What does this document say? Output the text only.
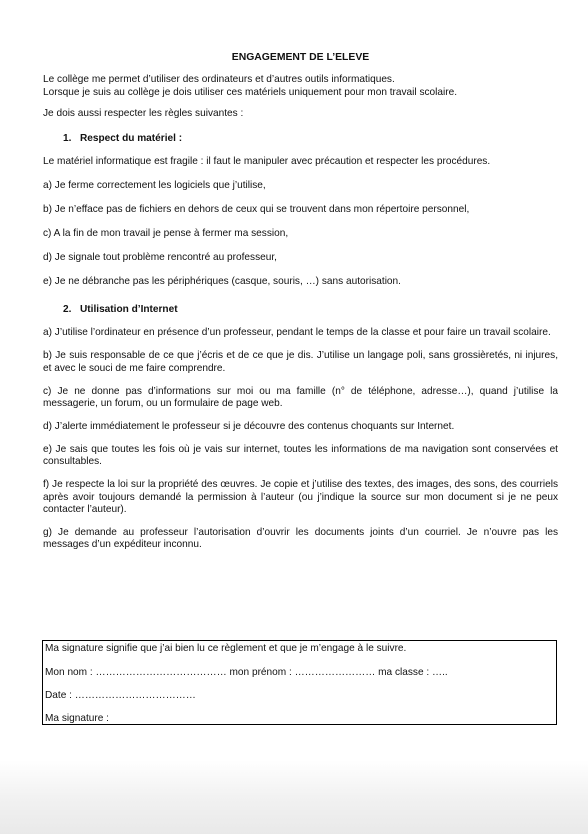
ENGAGEMENT DE L’ELEVE

Le collège me permet d’utiliser des ordinateurs et d’autres outils informatiques.

Lorsque je suis au collège je dois utiliser ces matériels uniquement pour mon travail scolaire.

Je dois aussi respecter les règles suivantes :

1. Respect du matériel :

Le matériel informatique est fragile : il faut le manipuler avec précaution et respecter les procédures.

a) Je ferme correctement les logiciels que j’utilise,

b) Je n’efface pas de fichiers en dehors de ceux qui se trouvent dans mon répertoire personnel,

c) A la fin de mon travail je pense à fermer ma session,

d) Je signale tout problème rencontré au professeur,

e) Je ne débranche pas les périphériques (casque, souris, …) sans autorisation.

2. Utilisation d’Internet

a) J’utilise l’ordinateur en présence d’un professeur, pendant le temps de la classe et pour faire un travail scolaire.

b) Je suis responsable de ce que j’écris et de ce que je dis. J’utilise un langage poli, sans grossièretés, ni injures, et avec le souci de me faire comprendre.

c) Je ne donne pas d’informations sur moi ou ma famille (n° de téléphone, adresse…), quand j’utilise la messagerie, un forum, ou un formulaire de page web.

d) J’alerte immédiatement le professeur si je découvre des contenus choquants sur Internet.

e) Je sais que toutes les fois où je vais sur internet, toutes les informations de ma navigation sont conservées et consultables.

f) Je respecte la loi sur la propriété des œuvres. Je copie et j’utilise des textes, des images, des sons, des courriels après avoir toujours demandé la permission à l’auteur (ou j’indique la source sur mon document si je ne peux contacter l’auteur).

g) Je demande au professeur l’autorisation d’ouvrir les documents joints d’un courriel. Je n’ouvre pas les messages d’un expéditeur inconnu.

Ma signature signifie que j’ai bien lu ce règlement et que je m’engage à le suivre.
Mon nom : ………………………………… mon prénom : …………………… ma classe : …..
Date : ………………………………
Ma signature :
